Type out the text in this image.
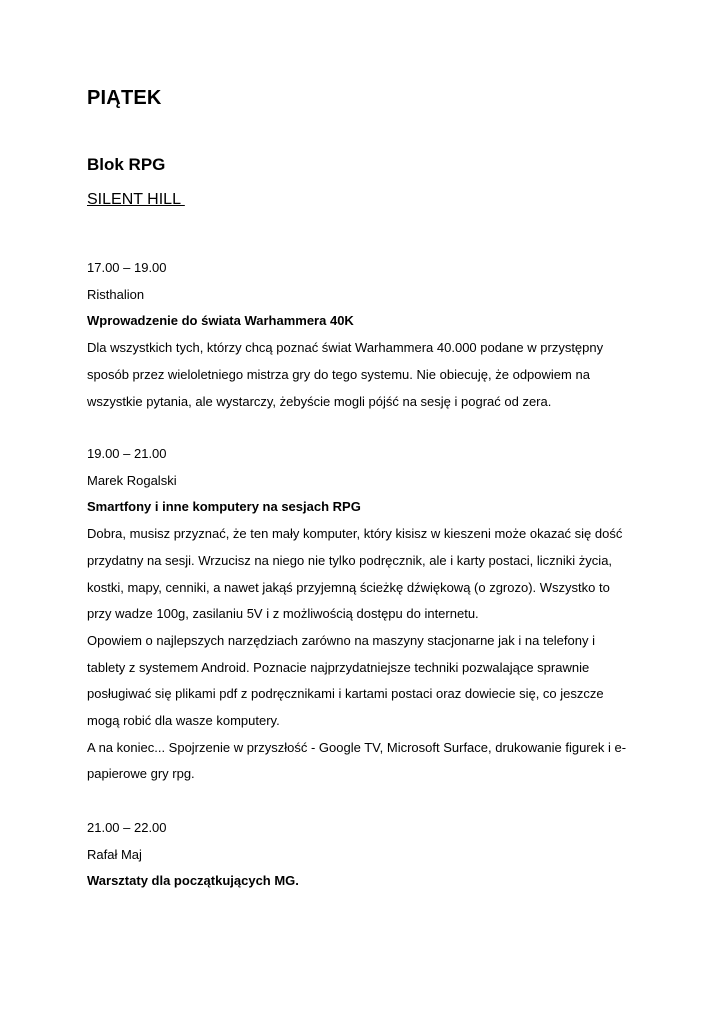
PIĄTEK
Blok RPG
SILENT HILL
17.00 – 19.00
Risthalion
Wprowadzenie do świata Warhammera 40K
Dla wszystkich tych, którzy chcą poznać świat Warhammera 40.000 podane w przystępny
sposób przez wieloletniego mistrza gry do tego systemu. Nie obiecuję, że odpowiem na
wszystkie pytania, ale wystarczy, żebyście mogli pójść na sesję i pograć od zera.
19.00 – 21.00
Marek Rogalski
Smartfony i inne komputery na sesjach RPG
Dobra, musisz przyznać, że ten mały komputer, który kisisz w kieszeni może okazać się dość
przydatny na sesji. Wrzucisz na niego nie tylko podręcznik, ale i karty postaci, liczniki życia,
kostki, mapy, cenniki, a nawet jakąś przyjemną ścieżkę dźwiękową (o zgrozo). Wszystko to
przy wadze 100g, zasilaniu 5V i z możliwością dostępu do internetu.
Opowiem o najlepszych narzędziach zarówno na maszyny stacjonarne jak i na telefony i
tablety z systemem Android. Poznacie najprzydatniejsze techniki pozwalające sprawnie
posługiwać się plikami pdf z podręcznikami i kartami postaci oraz dowiecie się, co jeszcze
mogą robić dla wasze komputery.
A na koniec... Spojrzenie w przyszłość - Google TV, Microsoft Surface, drukowanie figurek i e-
papierowe gry rpg.
21.00 – 22.00
Rafał Maj
Warsztaty dla początkujących MG.
